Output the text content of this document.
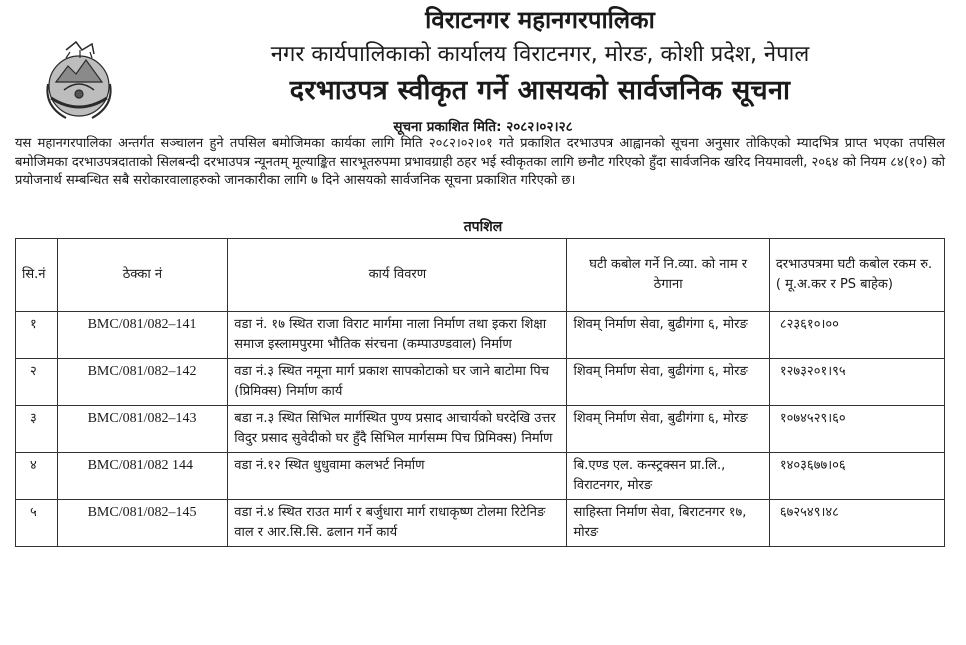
विराटनगर महानगरपालिका
नगर कार्यपालिकाको कार्यालय विराटनगर, मोरङ, कोशी प्रदेश, नेपाल
दरभाउपत्र स्वीकृत गर्ने आसयको सार्वजनिक सूचना
सूचना प्रकाशित मिति: २०८२।०२।२८
यस महानगरपालिका अन्तर्गत सञ्चालन हुने तपसिल बमोजिमका कार्यका लागि मिति २०८२।०२।०१ गते प्रकाशित दरभाउपत्र आह्वानको सूचना अनुसार तोकिएको म्यादभित्र प्राप्त भएका तपसिल बमोजिमका दरभाउपत्रदाताको सिलबन्दी दरभाउपत्र न्यूनतम् मूल्याङ्कित सारभूतरुपमा प्रभावग्राही ठहर भई स्वीकृतका लागि छनौट गरिएको हुँदा सार्वजनिक खरिद नियमावली, २०६४ को नियम ८४(१०) को प्रयोजनार्थ सम्बन्धित सबै सरोकारवालाहरुको जानकारीका लागि ७ दिने आसयको सार्वजनिक सूचना प्रकाशित गरिएको छ।
तपशिल
सि.नं	ठेक्का नं	कार्य विवरण	घटी कबोल गर्ने नि.व्या. को नाम र ठेगाना	दरभाउपत्रमा घटी कबोल रकम रु. ( मू.अ.कर र PS बाहेक)
१	BMC/081/082–141	वडा नं. १७ स्थित राजा विराट मार्गमा नाला निर्माण तथा इकरा शिक्षा समाज इस्लामपुरमा भौतिक संरचना (कम्पाउण्डवाल) निर्माण	शिवम् निर्माण सेवा, बुढीगंगा ६, मोरङ	८२३६१०।००
२	BMC/081/082–142	वडा नं.३ स्थित नमूना मार्ग प्रकाश सापकोटाको घर जाने बाटोमा पिच (प्रिमिक्स) निर्माण कार्य	शिवम् निर्माण सेवा, बुढीगंगा ६, मोरङ	१२७३२०१।९५
३	BMC/081/082–143	बडा न.३ स्थित सिभिल मार्गस्थित पुण्य प्रसाद आचार्यको घरदेखि उत्तर विदुर प्रसाद सुवेदीको घर हुँदै सिभिल मार्गसम्म पिच प्रिमिक्स) निर्माण	शिवम् निर्माण सेवा, बुढीगंगा ६, मोरङ	१०७४५२९।६०
४	BMC/081/082 144	वडा नं.१२ स्थित धुधुवामा कलभर्ट निर्माण	बि.एण्ड एल. कन्स्ट्रक्सन प्रा.लि., विराटनगर, मोरङ	१४०३६७७।०६
५	BMC/081/082–145	वडा नं.४ स्थित राउत मार्ग र बर्जुधारा मार्ग राधाकृष्ण टोलमा रिटेनिङ वाल र आर.सि.सि. ढलान गर्ने कार्य	साहिस्ता निर्माण सेवा, बिराटनगर १७, मोरङ	६७२५४९।४८
